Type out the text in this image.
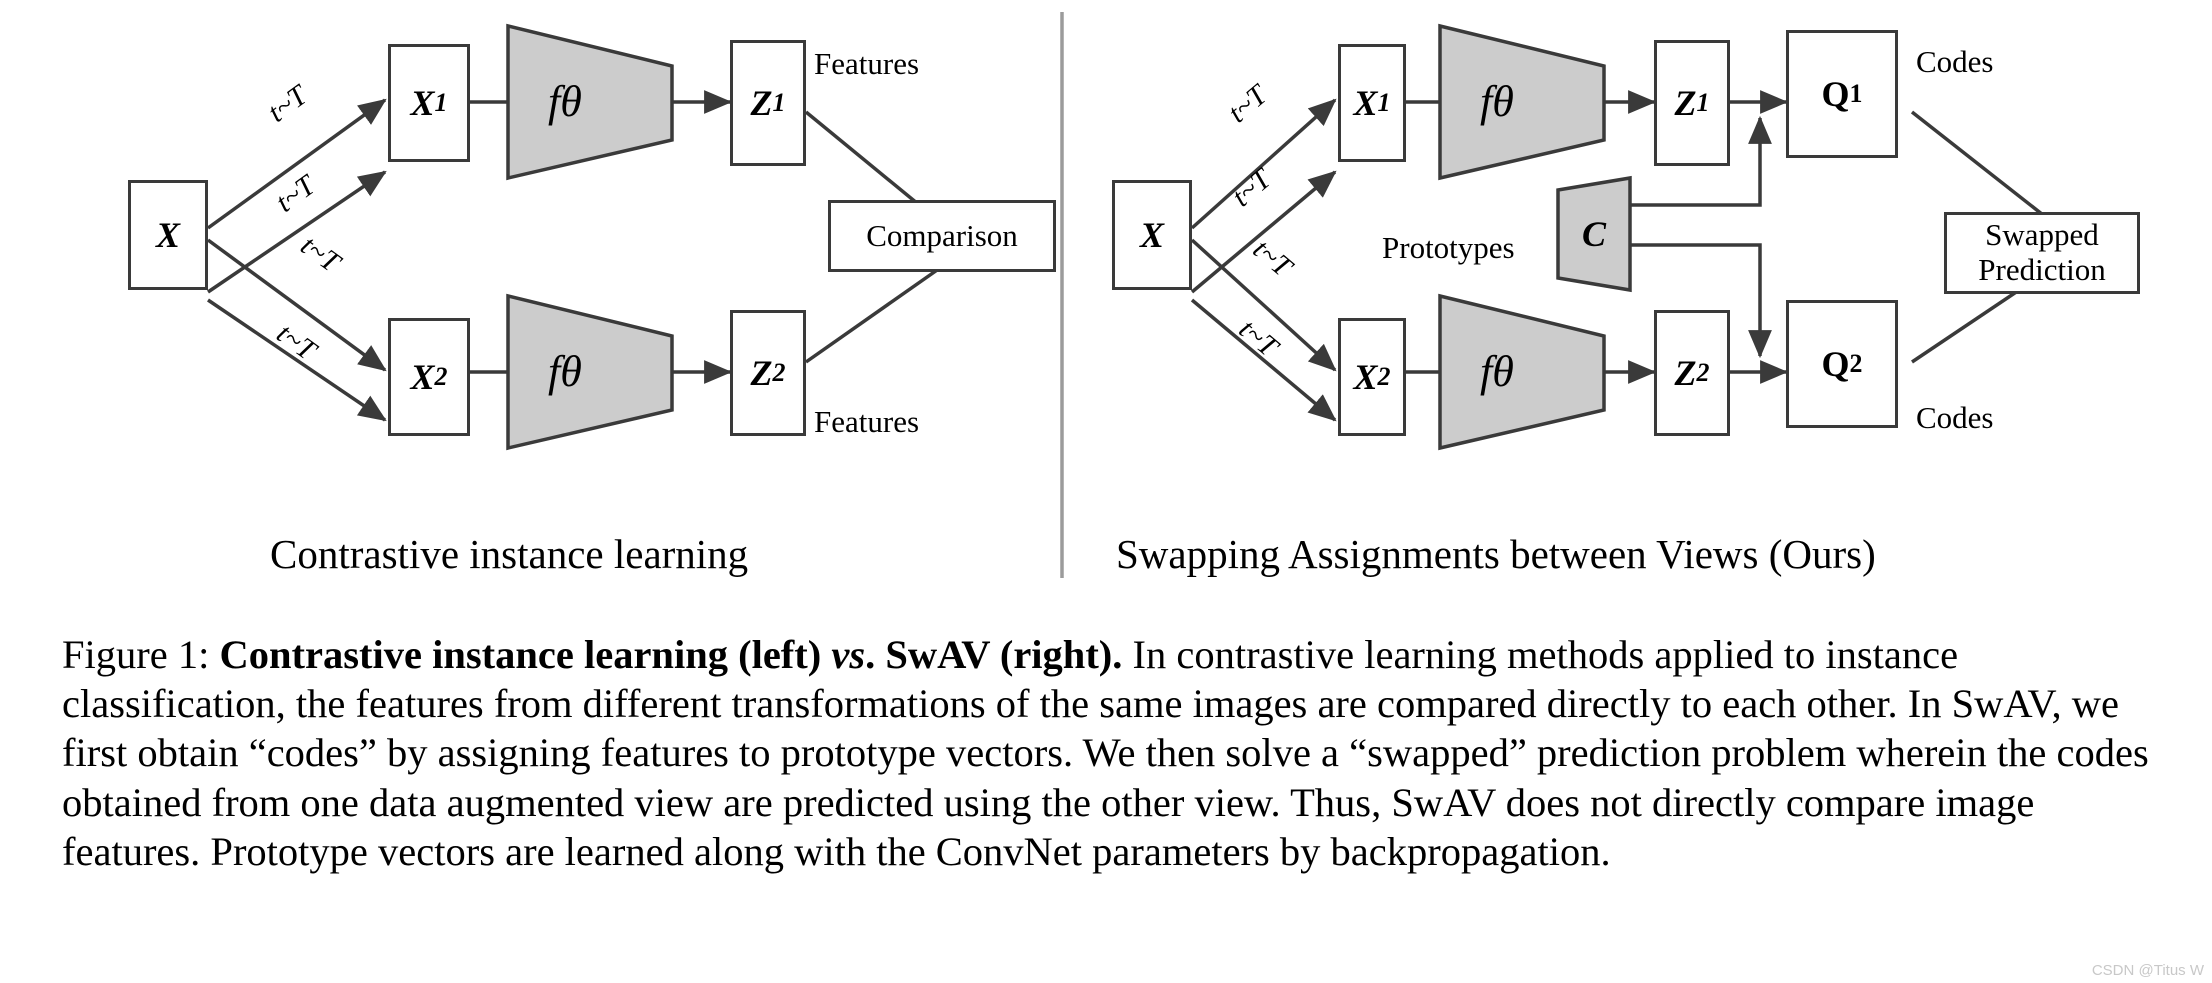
X
X 1
X 2
Z 1
Z 2
Comparison
fθ
fθ
t~T
t~T
t~T
t~T
Features
Features
Contrastive instance learning
X
X 1
X 2
Z 1
Z 2
Q 1
Q 2
Swapped
Prediction
fθ
fθ
C
Prototypes
t~T
t~T
t~T
t~T
Codes
Codes
Swapping Assignments between Views (Ours)
Figure 1: Contrastive instance learning (left) vs. SwAV (right). In contrastive learning methods applied to instance classification, the features from different transformations of the same images are compared directly to each other. In SwAV, we first obtain “codes” by assigning features to prototype vectors. We then solve a “swapped” prediction problem wherein the codes obtained from one data augmented view are predicted using the other view. Thus, SwAV does not directly compare image features. Prototype vectors are learned along with the ConvNet parameters by backpropagation.
CSDN @Titus W
